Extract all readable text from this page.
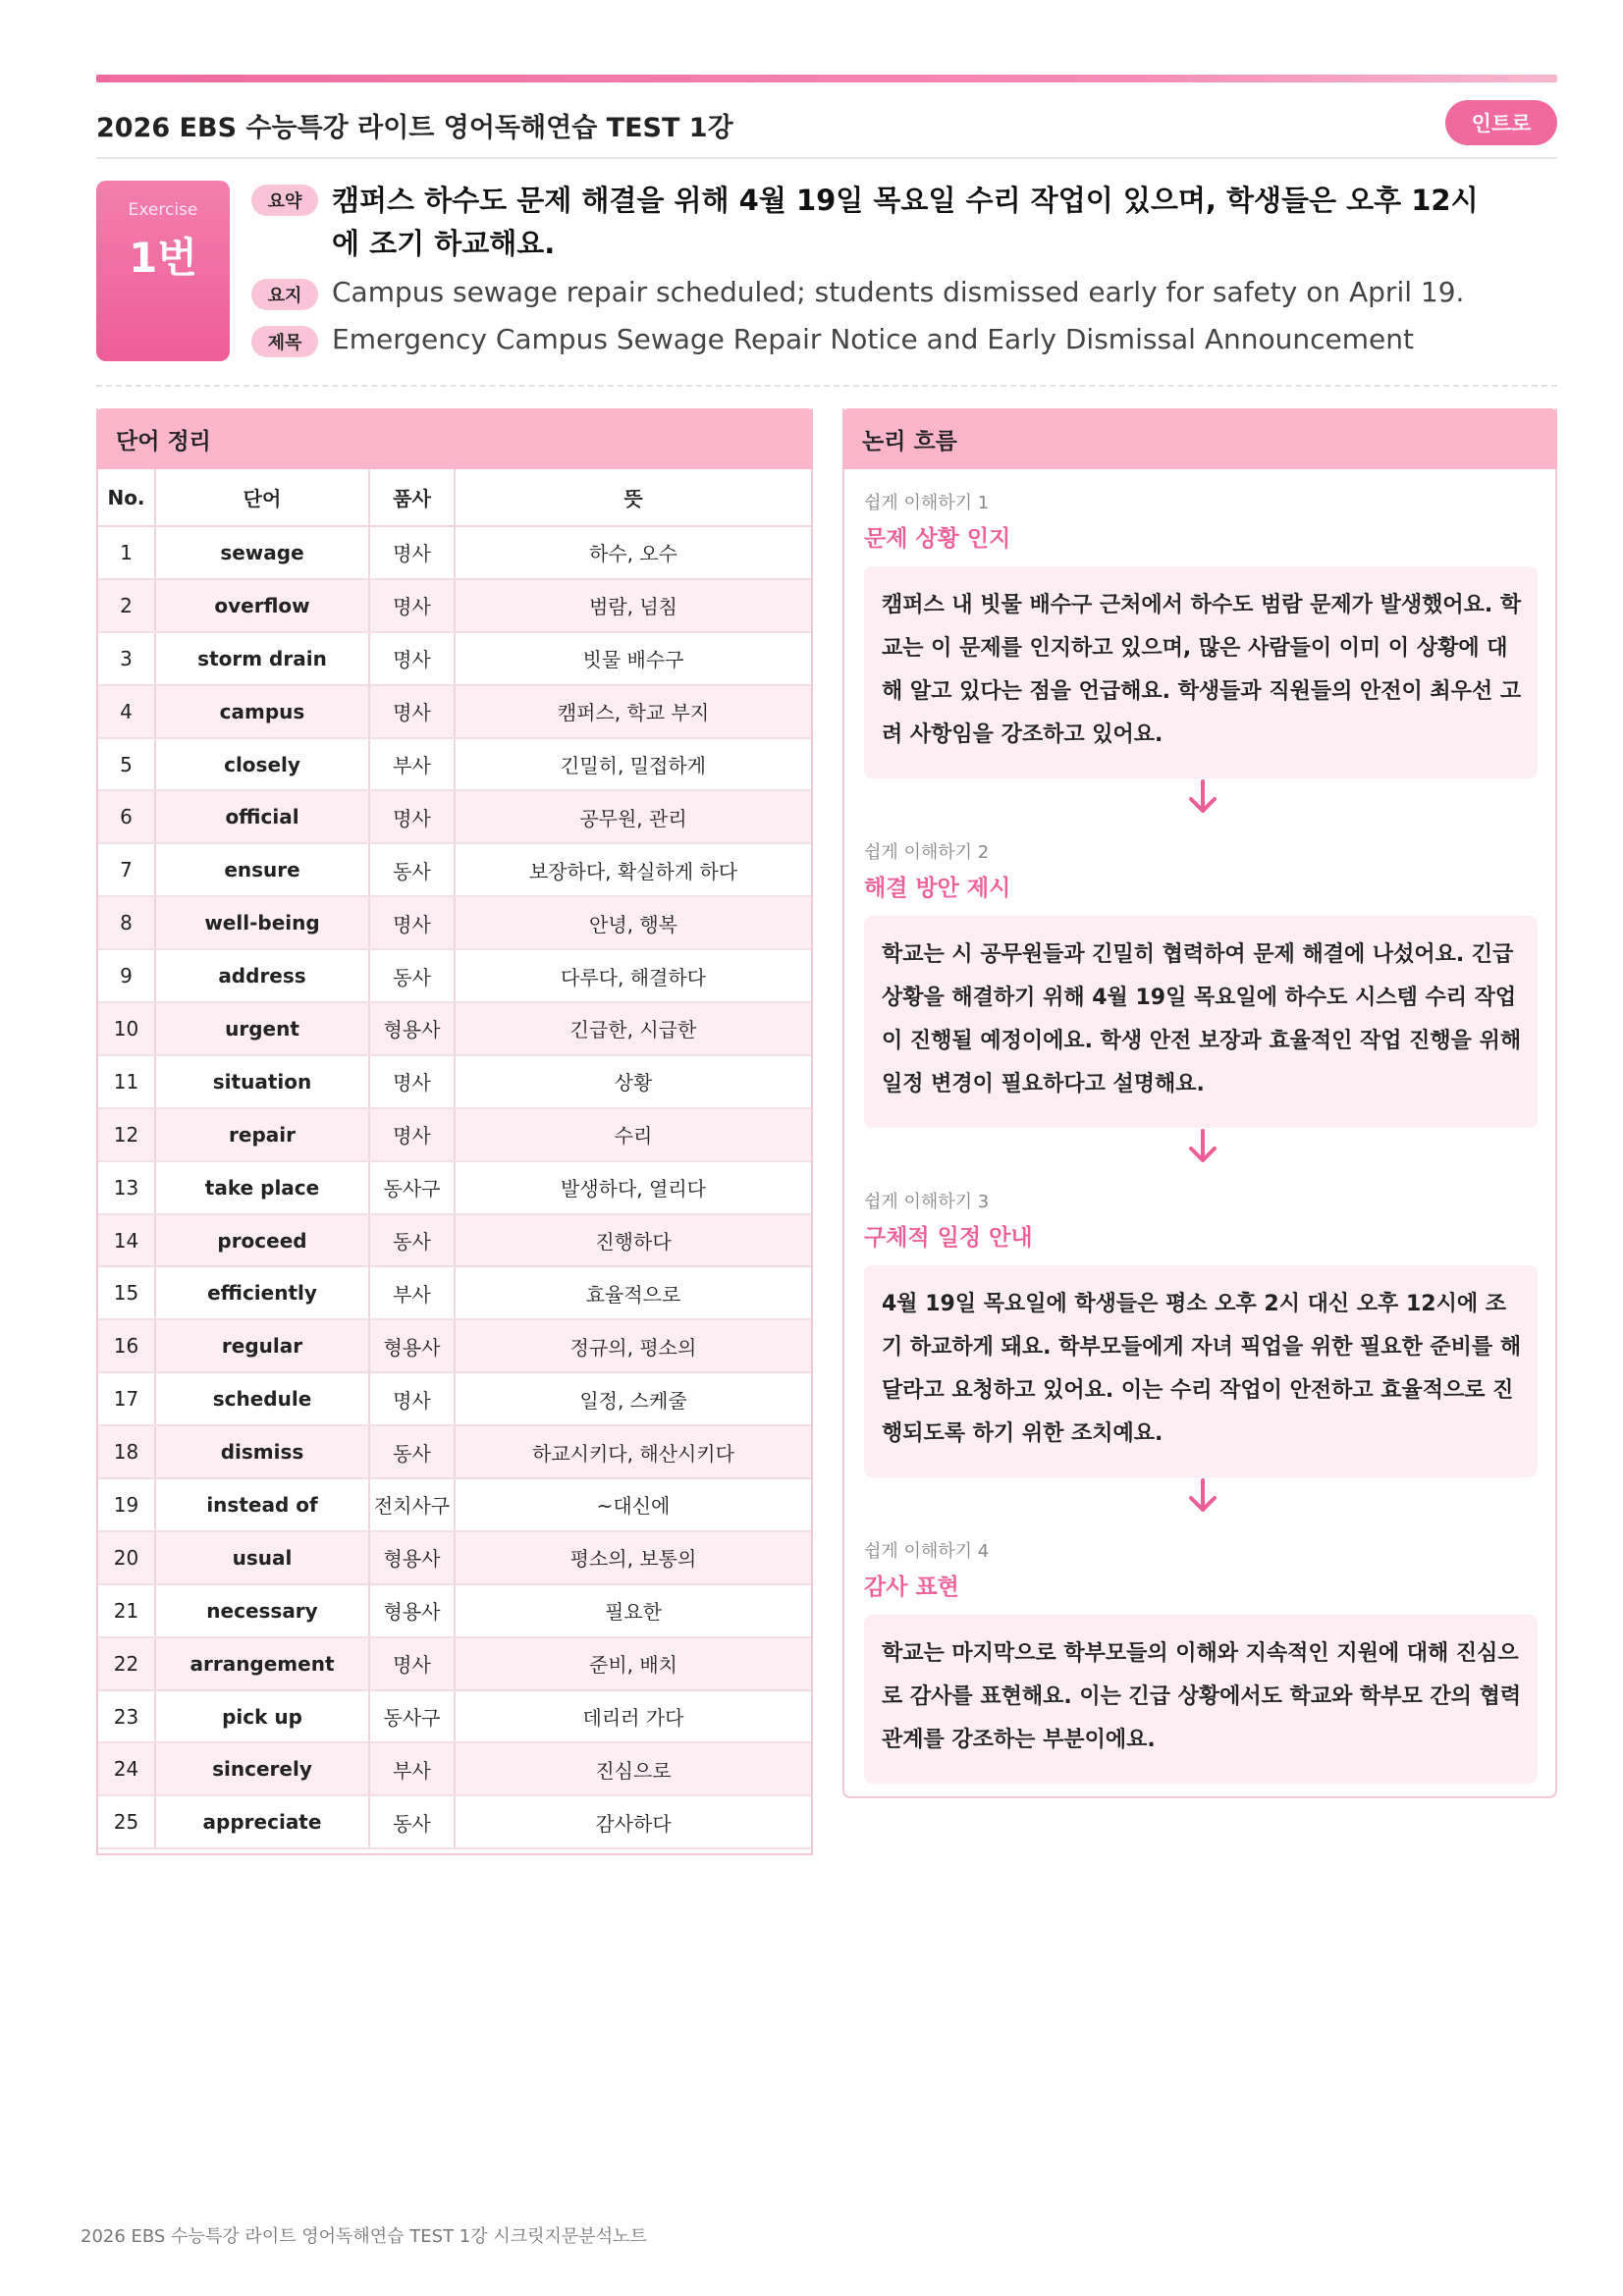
2026 EBS 수능특강 라이트 영어독해연습 TEST 1강	인트로
Exercise
1번
요약	캠퍼스 하수도 문제 해결을 위해 4월 19일 목요일 수리 작업이 있으며, 학생들은 오후 12시에 조기 하교해요.
요지	Campus sewage repair scheduled; students dismissed early for safety on April 19.
제목	Emergency Campus Sewage Repair Notice and Early Dismissal Announcement
단어 정리
No.	단어	품사	뜻
1	sewage	명사	하수, 오수
2	overflow	명사	범람, 넘침
3	storm drain	명사	빗물 배수구
4	campus	명사	캠퍼스, 학교 부지
5	closely	부사	긴밀히, 밀접하게
6	official	명사	공무원, 관리
7	ensure	동사	보장하다, 확실하게 하다
8	well-being	명사	안녕, 행복
9	address	동사	다루다, 해결하다
10	urgent	형용사	긴급한, 시급한
11	situation	명사	상황
12	repair	명사	수리
13	take place	동사구	발생하다, 열리다
14	proceed	동사	진행하다
15	efficiently	부사	효율적으로
16	regular	형용사	정규의, 평소의
17	schedule	명사	일정, 스케줄
18	dismiss	동사	하교시키다, 해산시키다
19	instead of	전치사구	~대신에
20	usual	형용사	평소의, 보통의
21	necessary	형용사	필요한
22	arrangement	명사	준비, 배치
23	pick up	동사구	데리러 가다
24	sincerely	부사	진심으로
25	appreciate	동사	감사하다
논리 흐름
쉽게 이해하기 1
문제 상황 인지
캠퍼스 내 빗물 배수구 근처에서 하수도 범람 문제가 발생했어요. 학교는 이 문제를 인지하고 있으며, 많은 사람들이 이미 이 상황에 대해 알고 있다는 점을 언급해요. 학생들과 직원들의 안전이 최우선 고려 사항임을 강조하고 있어요.
쉽게 이해하기 2
해결 방안 제시
학교는 시 공무원들과 긴밀히 협력하여 문제 해결에 나섰어요. 긴급 상황을 해결하기 위해 4월 19일 목요일에 하수도 시스템 수리 작업이 진행될 예정이에요. 학생 안전 보장과 효율적인 작업 진행을 위해 일정 변경이 필요하다고 설명해요.
쉽게 이해하기 3
구체적 일정 안내
4월 19일 목요일에 학생들은 평소 오후 2시 대신 오후 12시에 조기 하교하게 돼요. 학부모들에게 자녀 픽업을 위한 필요한 준비를 해달라고 요청하고 있어요. 이는 수리 작업이 안전하고 효율적으로 진행되도록 하기 위한 조치예요.
쉽게 이해하기 4
감사 표현
학교는 마지막으로 학부모들의 이해와 지속적인 지원에 대해 진심으로 감사를 표현해요. 이는 긴급 상황에서도 학교와 학부모 간의 협력 관계를 강조하는 부분이에요.
2026 EBS 수능특강 라이트 영어독해연습 TEST 1강 시크릿지문분석노트
